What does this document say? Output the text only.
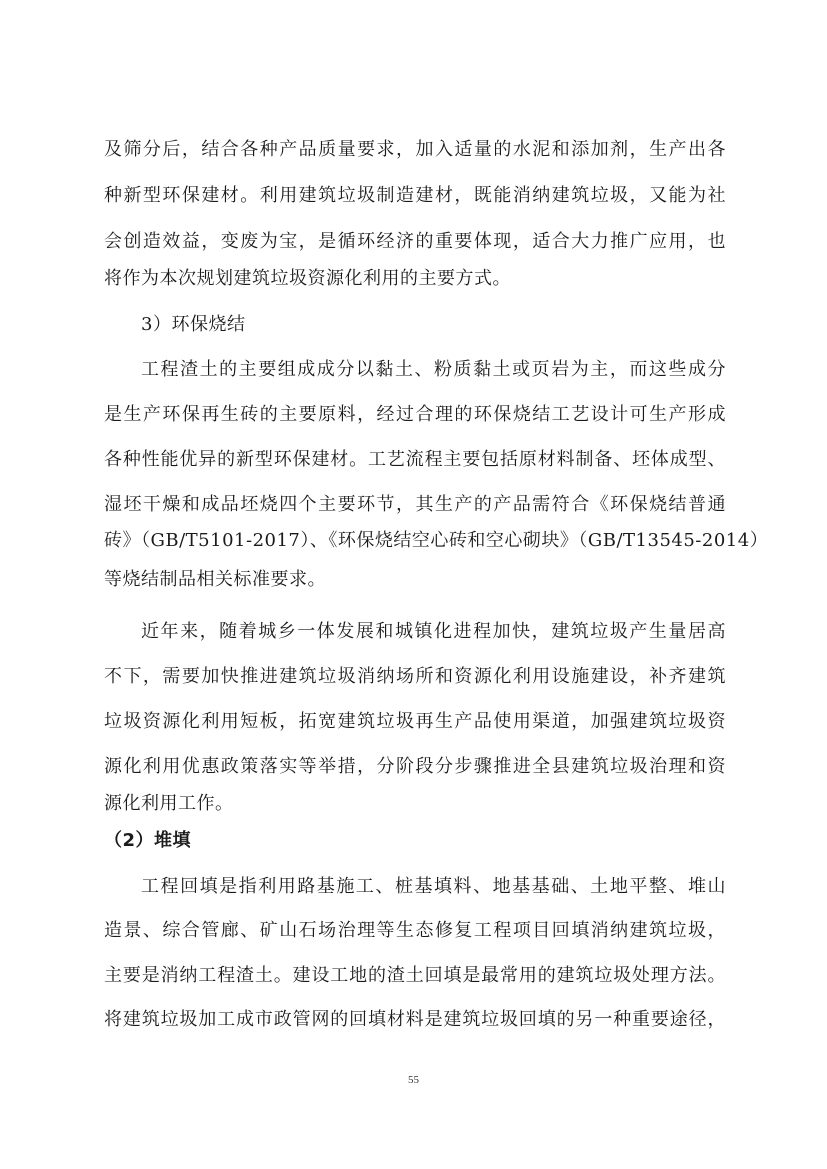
及筛分后，结合各种产品质量要求，加入适量的水泥和添加剂，生产出各
种新型环保建材。利用建筑垃圾制造建材，既能消纳建筑垃圾，又能为社
会创造效益，变废为宝，是循环经济的重要体现，适合大力推广应用，也
将作为本次规划建筑垃圾资源化利用的主要方式。
3）环保烧结
工程渣土的主要组成成分以黏土、粉质黏土或页岩为主，而这些成分
是生产环保再生砖的主要原料，经过合理的环保烧结工艺设计可生产形成
各种性能优异的新型环保建材。工艺流程主要包括原材料制备、坯体成型、
湿坯干燥和成品坯烧四个主要环节，其生产的产品需符合《环保烧结普通
砖》（GB/T5101-2017）、《环保烧结空心砖和空心砌块》（GB/T13545-2014）
等烧结制品相关标准要求。
近年来，随着城乡一体发展和城镇化进程加快，建筑垃圾产生量居高
不下，需要加快推进建筑垃圾消纳场所和资源化利用设施建设，补齐建筑
垃圾资源化利用短板，拓宽建筑垃圾再生产品使用渠道，加强建筑垃圾资
源化利用优惠政策落实等举措，分阶段分步骤推进全县建筑垃圾治理和资
源化利用工作。
（2）堆填
工程回填是指利用路基施工、桩基填料、地基基础、土地平整、堆山
造景、综合管廊、矿山石场治理等生态修复工程项目回填消纳建筑垃圾，
主要是消纳工程渣土。建设工地的渣土回填是最常用的建筑垃圾处理方法。
将建筑垃圾加工成市政管网的回填材料是建筑垃圾回填的另一种重要途径，
55
